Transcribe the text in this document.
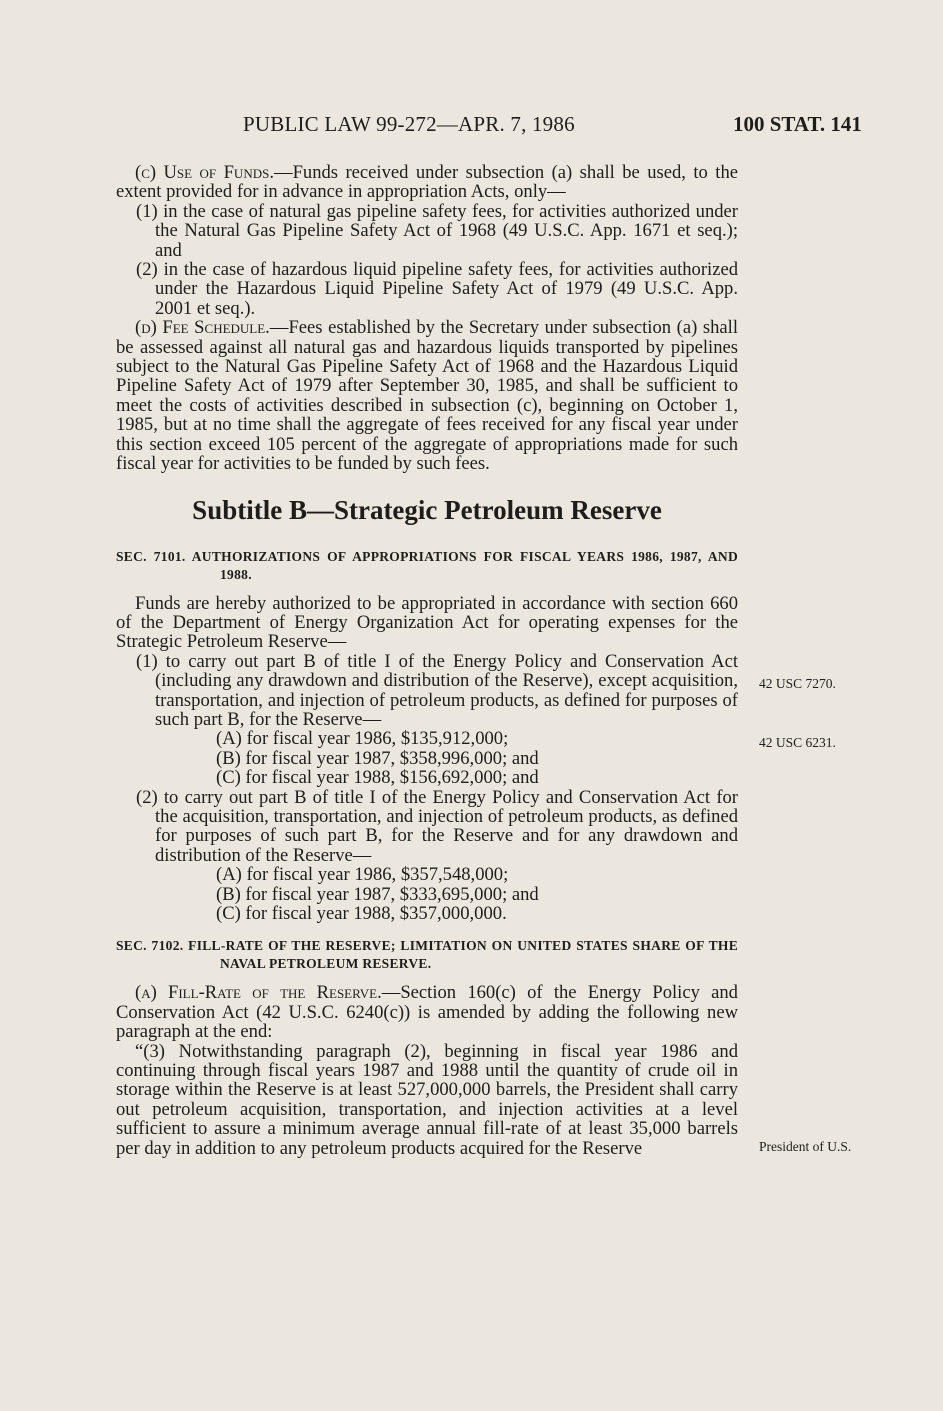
PUBLIC LAW 99-272—APR. 7, 1986	100 STAT. 141

(c) Use of Funds.—Funds received under subsection (a) shall be used, to the extent provided for in advance in appropriation Acts, only—

(1) in the case of natural gas pipeline safety fees, for activities authorized under the Natural Gas Pipeline Safety Act of 1968 (49 U.S.C. App. 1671 et seq.); and

(2) in the case of hazardous liquid pipeline safety fees, for activities authorized under the Hazardous Liquid Pipeline Safety Act of 1979 (49 U.S.C. App. 2001 et seq.).

(d) Fee Schedule.—Fees established by the Secretary under subsection (a) shall be assessed against all natural gas and hazardous liquids transported by pipelines subject to the Natural Gas Pipeline Safety Act of 1968 and the Hazardous Liquid Pipeline Safety Act of 1979 after September 30, 1985, and shall be sufficient to meet the costs of activities described in subsection (c), beginning on October 1, 1985, but at no time shall the aggregate of fees received for any fiscal year under this section exceed 105 percent of the aggregate of appropriations made for such fiscal year for activities to be funded by such fees.

Subtitle B—Strategic Petroleum Reserve
SEC. 7101. AUTHORIZATIONS OF APPROPRIATIONS FOR FISCAL YEARS 1986, 1987, AND 1988.

Funds are hereby authorized to be appropriated in accordance with section 660 of the Department of Energy Organization Act for operating expenses for the Strategic Petroleum Reserve—

(1) to carry out part B of title I of the Energy Policy and Conservation Act (including any drawdown and distribution of the Reserve), except acquisition, transportation, and injection of petroleum products, as defined for purposes of such part B, for the Reserve—

(A) for fiscal year 1986, $135,912,000;

(B) for fiscal year 1987, $358,996,000; and

(C) for fiscal year 1988, $156,692,000; and

(2) to carry out part B of title I of the Energy Policy and Conservation Act for the acquisition, transportation, and injection of petroleum products, as defined for purposes of such part B, for the Reserve and for any drawdown and distribution of the Reserve—

(A) for fiscal year 1986, $357,548,000;

(B) for fiscal year 1987, $333,695,000; and

(C) for fiscal year 1988, $357,000,000.

SEC. 7102. FILL-RATE OF THE RESERVE; LIMITATION ON UNITED STATES SHARE OF THE NAVAL PETROLEUM RESERVE.

(a) Fill-Rate of the Reserve.—Section 160(c) of the Energy Policy and Conservation Act (42 U.S.C. 6240(c)) is amended by adding the following new paragraph at the end:

“(3) Notwithstanding paragraph (2), beginning in fiscal year 1986 and continuing through fiscal years 1987 and 1988 until the quantity of crude oil in storage within the Reserve is at least 527,000,000 barrels, the President shall carry out petroleum acquisition, transportation, and injection activities at a level sufficient to assure a minimum average annual fill-rate of at least 35,000 barrels per day in addition to any petroleum products acquired for the Reserve

42 USC 7270.
42 USC 6231.
President of U.S.
